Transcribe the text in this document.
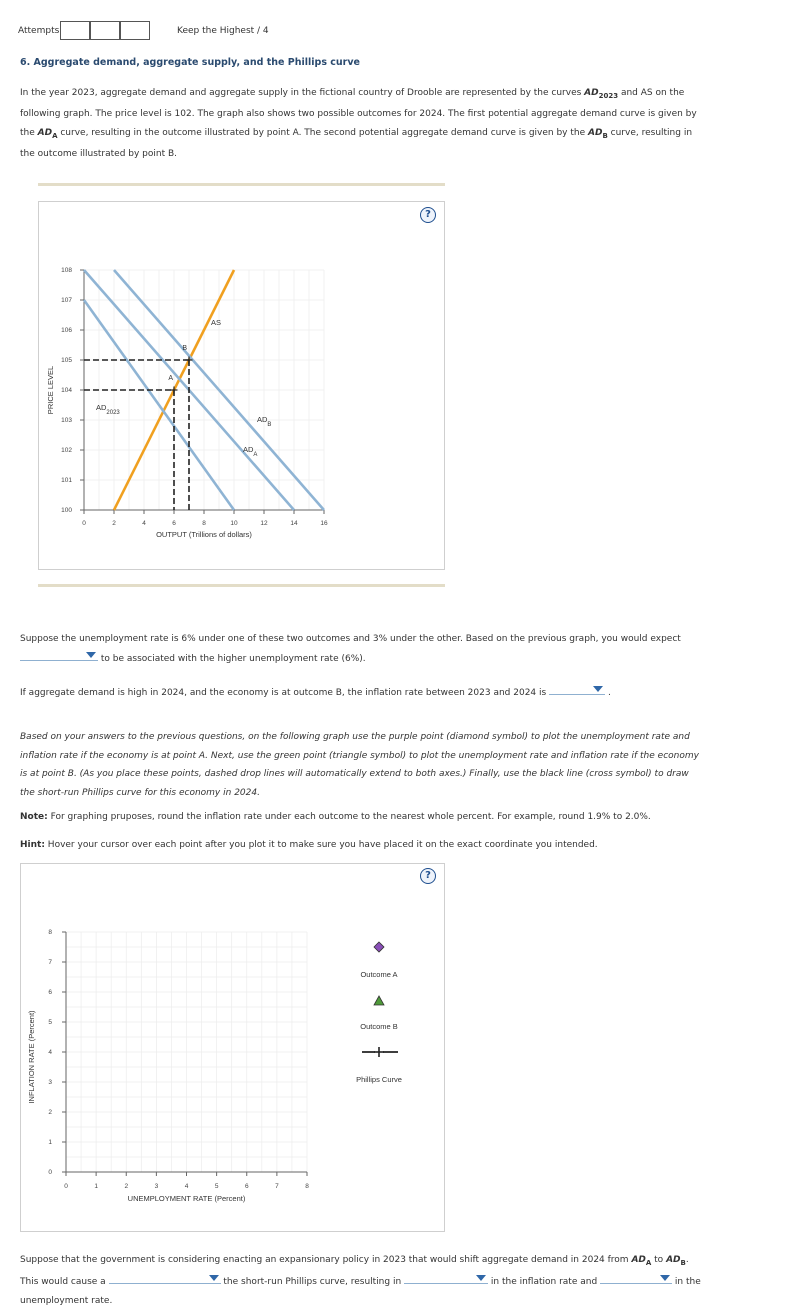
Attempts	Keep the Highest / 4
6. Aggregate demand, aggregate supply, and the Phillips curve
In the year 2023, aggregate demand and aggregate supply in the fictional country of Drooble are represented by the curves $AD_{2023}$ and AS on the
following graph. The price level is 102. The graph also shows two possible outcomes for 2024. The first potential aggregate demand curve is given by
the $AD_A$ curve, resulting in the outcome illustrated by point A. The second potential aggregate demand curve is given by the $AD_B$ curve, resulting in
the outcome illustrated by point B.
?
108
107
106
105
104
103
102
101
100
0	2	4	6	8	10	12	14	16
PRICE LEVEL
OUTPUT (Trillions of dollars)
A
B
AS
$AD_{2023}$
$AD_A$
$AD_B$
Suppose the unemployment rate is 6% under one of these two outcomes and 3% under the other. Based on the previous graph, you would expect

to be associated with the higher unemployment rate (6%).
If aggregate demand is high in 2024, and the economy is at outcome B, the inflation rate between 2023 and 2024 is	.
Based on your answers to the previous questions, on the following graph use the purple point (diamond symbol) to plot the unemployment rate and
inflation rate if the economy is at point A. Next, use the green point (triangle symbol) to plot the unemployment rate and inflation rate if the economy
is at point B. (As you place these points, dashed drop lines will automatically extend to both axes.) Finally, use the black line (cross symbol) to draw
the short-run Phillips curve for this economy in 2024.
Note: For graphing pruposes, round the inflation rate under each outcome to the nearest whole percent. For example, round 1.9% to 2.0%.
Hint: Hover your cursor over each point after you plot it to make sure you have placed it on the exact coordinate you intended.
?
8
7
6
5
4
3
2
1
0
0	1	2	3	4	5	6	7	8
INFLATION RATE (Percent)
UNEMPLOYMENT RATE (Percent)
Outcome A
Outcome B
Phillips Curve
Suppose that the government is considering enacting an expansionary policy in 2023 that would shift aggregate demand in 2024 from $AD_A$ to $AD_B$.
This would cause a	the short-run Phillips curve, resulting in	in the inflation rate and	in the
unemployment rate.
